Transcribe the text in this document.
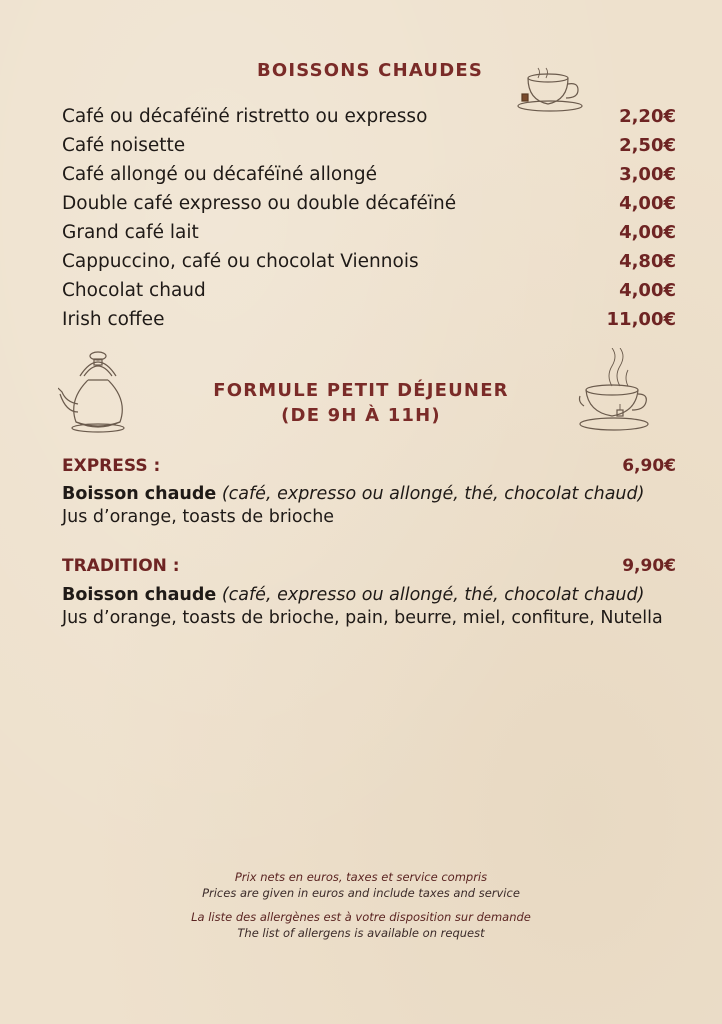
BOISSONS CHAUDES
Café ou décaféïné ristretto ou expresso	2,20€
Café noisette	2,50€
Café allongé ou décaféïné allongé	3,00€
Double café expresso ou double décaféïné	4,00€
Grand café lait	4,00€
Cappuccino, café ou chocolat Viennois	4,80€
Chocolat chaud	4,00€
Irish coffee	11,00€
FORMULE PETIT DÉJEUNER
(DE 9H À 11H)
EXPRESS :	6,90€
Boisson chaude (café, expresso ou allongé, thé, chocolat chaud)
Jus d’orange, toasts de brioche
TRADITION :	9,90€
Boisson chaude (café, expresso ou allongé, thé, chocolat chaud)
Jus d’orange, toasts de brioche, pain, beurre, miel, confiture, Nutella
Prix nets en euros, taxes et service compris
Prices are given in euros and include taxes and service
La liste des allergènes est à votre disposition sur demande
The list of allergens is available on request
